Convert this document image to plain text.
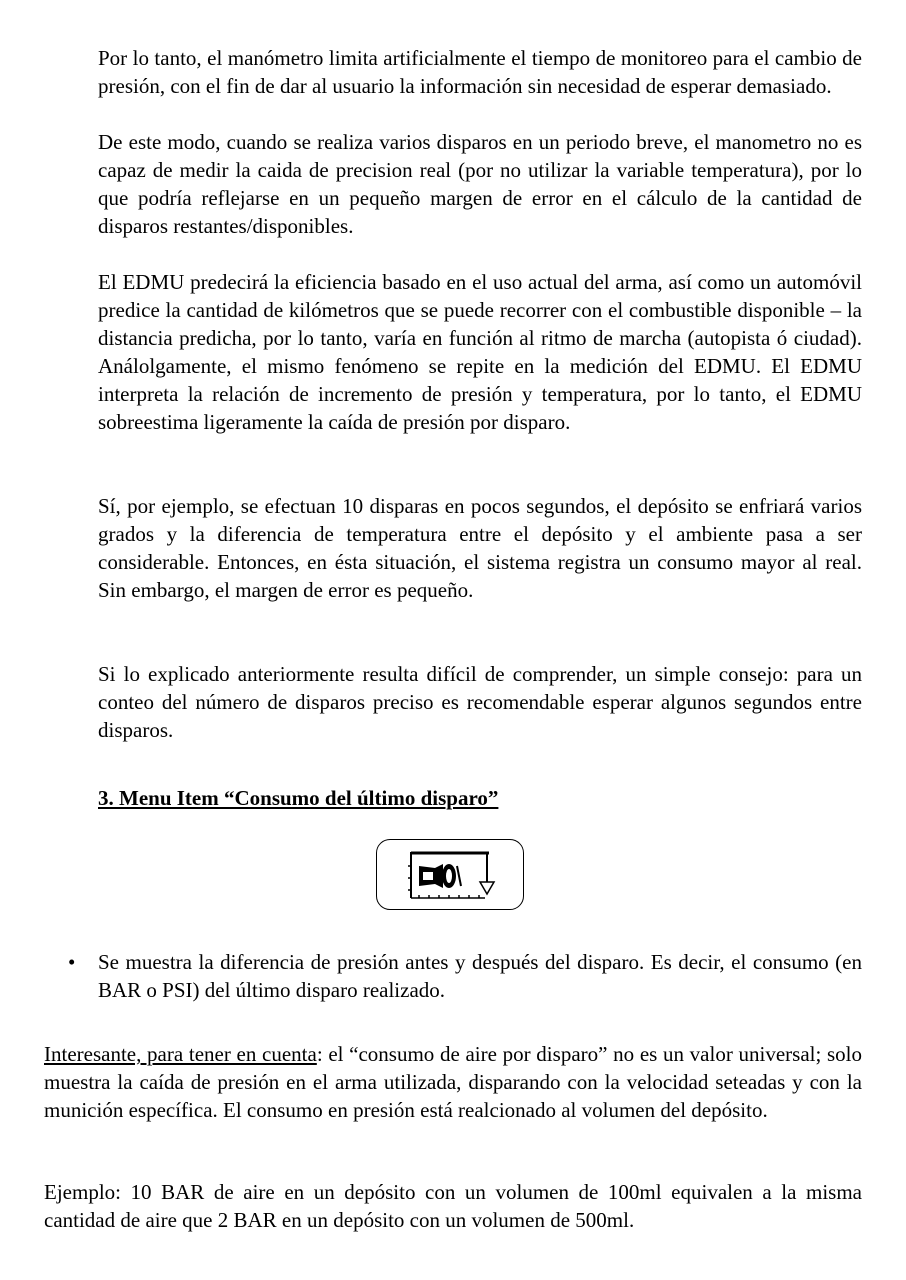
Por lo tanto, el manómetro limita artificialmente el tiempo de monitoreo para el cambio de presión, con el fin de dar al usuario la información sin necesidad de esperar demasiado.

De este modo, cuando se realiza varios disparos en un periodo breve, el manometro no es capaz de medir la caida de precision real (por no utilizar la variable temperatura), por lo que podría reflejarse en un pequeño margen de error en el cálculo de la cantidad de disparos restantes/disponibles.

El EDMU predecirá la eficiencia basado en el uso actual del arma, así como un automóvil predice la cantidad de kilómetros que se puede recorrer con el combustible disponible – la distancia predicha, por lo tanto, varía en función al ritmo de marcha (autopista ó ciudad). Análolgamente, el mismo fenómeno se repite en la medición del EDMU. El EDMU interpreta la relación de incremento de presión y temperatura, por lo tanto, el EDMU sobreestima ligeramente la caída de presión por disparo.

Sí, por ejemplo, se efectuan 10 disparas en pocos segundos, el depósito se enfriará varios grados y la diferencia de temperatura entre el depósito y el ambiente pasa a ser considerable. Entonces, en ésta situación, el sistema registra un consumo mayor al real. Sin embargo, el margen de error es pequeño.

Si lo explicado anteriormente resulta difícil de comprender, un simple consejo: para un conteo del número de disparos preciso es recomendable esperar algunos segundos entre disparos.

3. Menu Item “Consumo del último disparo”

• Se muestra la diferencia de presión antes y después del disparo. Es decir, el consumo (en BAR o PSI) del último disparo realizado.

Interesante, para tener en cuenta: el “consumo de aire por disparo” no es un valor universal; solo muestra la caída de presión en el arma utilizada, disparando con la velocidad seteadas y con la munición específica. El consumo en presión está realcionado al volumen del depósito.

Ejemplo: 10 BAR de aire en un depósito con un volumen de 100ml equivalen a la misma cantidad de aire que 2 BAR en un depósito con un volumen de 500ml.
